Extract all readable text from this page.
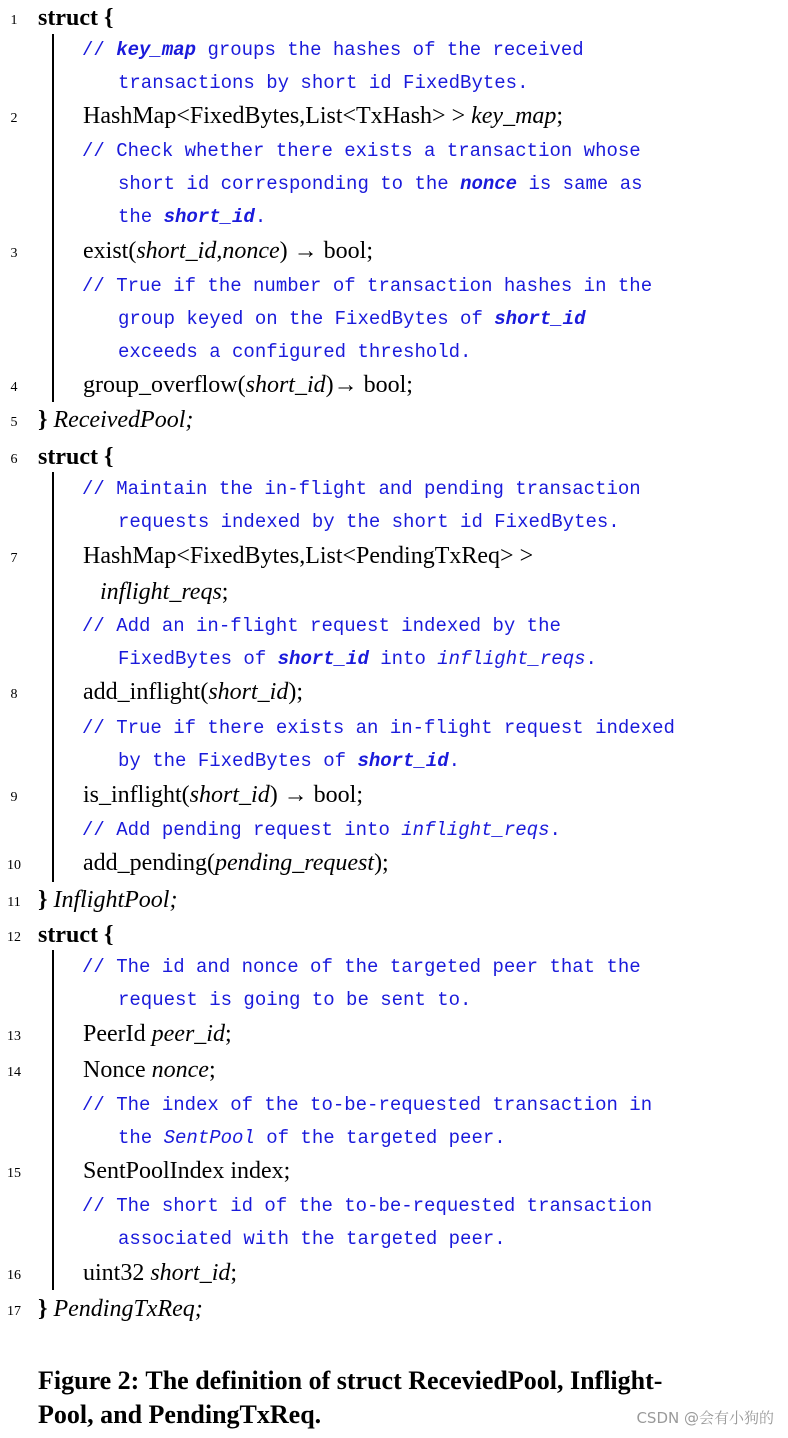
1 struct {
// key_map groups the hashes of the received
transactions by short id FixedBytes.
2	HashMap<FixedBytes,List<TxHash> > key_map;
// Check whether there exists a transaction whose
short id corresponding to the nonce is same as
the short_id.
3	exist(short_id,nonce) → bool;
// True if the number of transaction hashes in the
group keyed on the FixedBytes of short_id
exceeds a configured threshold.
4	group_overflow(short_id)→ bool;
5 } ReceivedPool;
6 struct {
// Maintain the in-flight and pending transaction
requests indexed by the short id FixedBytes.
7	HashMap<FixedBytes,List<PendingTxReq> >
inflight_reqs;
// Add an in-flight request indexed by the
FixedBytes of short_id into inflight_reqs.
8	add_inflight(short_id);
// True if there exists an in-flight request indexed
by the FixedBytes of short_id.
9	is_inflight(short_id) → bool;
// Add pending request into inflight_reqs.
10	add_pending(pending_request);
11 } InflightPool;
12 struct {
// The id and nonce of the targeted peer that the
request is going to be sent to.
13	PeerId peer_id;
14	Nonce nonce;
// The index of the to-be-requested transaction in
the SentPool of the targeted peer.
15	SentPoolIndex index;
// The short id of the to-be-requested transaction
associated with the targeted peer.
16	uint32 short_id;
17 } PendingTxReq;
Figure 2: The definition of struct ReceviedPool, Inflight-
Pool, and PendingTxReq.	CSDN @会有小狗的
